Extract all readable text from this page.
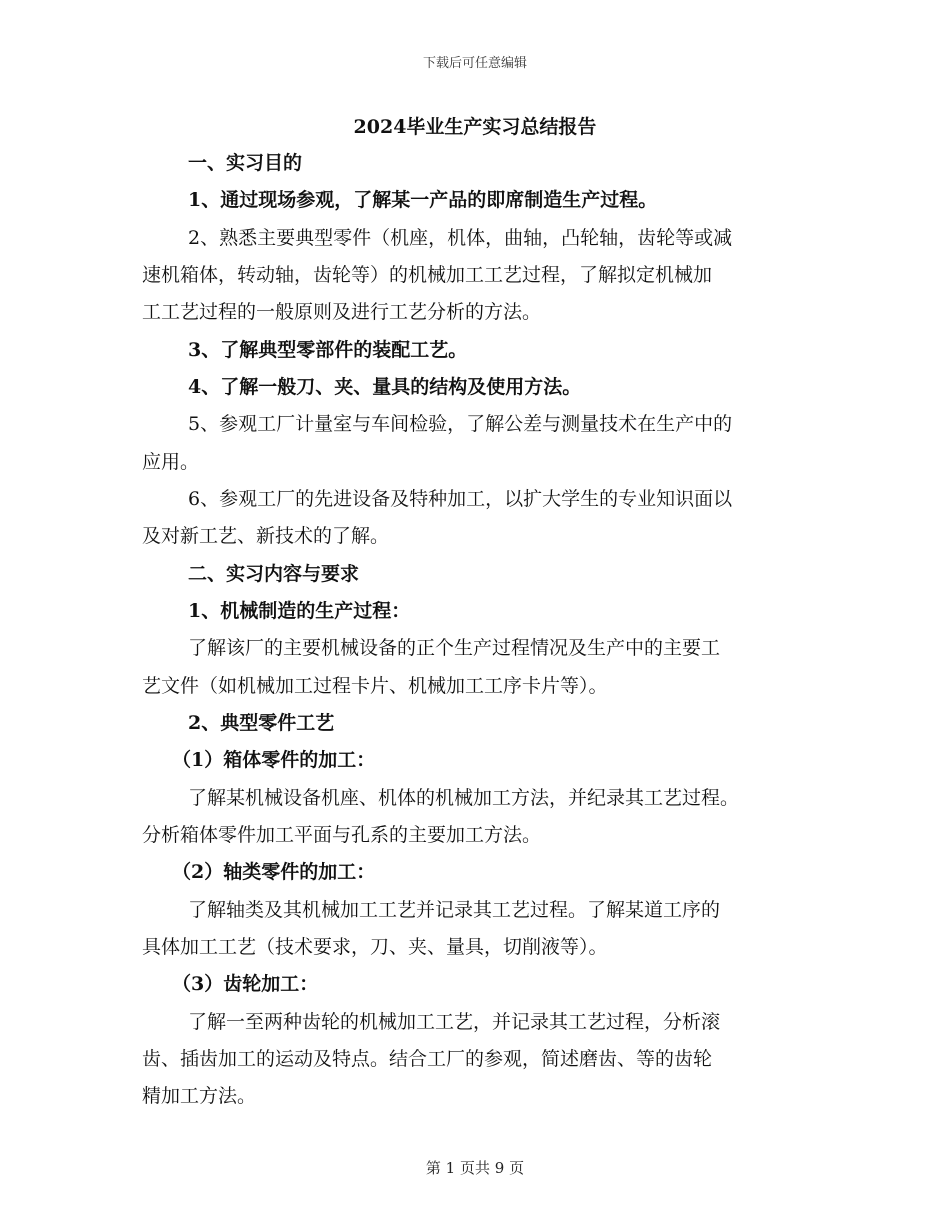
下载后可任意编辑
2024毕业生产实习总结报告
一、实习目的
1、通过现场参观，了解某一产品的即席制造生产过程。
2、熟悉主要典型零件（机座，机体，曲轴，凸轮轴，齿轮等或减
速机箱体，转动轴，齿轮等）的机械加工工艺过程，了解拟定机械加
工工艺过程的一般原则及进行工艺分析的方法。
3、了解典型零部件的装配工艺。
4、了解一般刀、夹、量具的结构及使用方法。
5、参观工厂计量室与车间检验，了解公差与测量技术在生产中的
应用。
6、参观工厂的先进设备及特种加工，以扩大学生的专业知识面以
及对新工艺、新技术的了解。
二、实习内容与要求
1、机械制造的生产过程：
了解该厂的主要机械设备的正个生产过程情况及生产中的主要工
艺文件（如机械加工过程卡片、机械加工工序卡片等）。
2、典型零件工艺
（1）箱体零件的加工：
了解某机械设备机座、机体的机械加工方法，并纪录其工艺过程。
分析箱体零件加工平面与孔系的主要加工方法。
（2）轴类零件的加工：
了解轴类及其机械加工工艺并记录其工艺过程。了解某道工序的
具体加工工艺（技术要求，刀、夹、量具，切削液等）。
（3）齿轮加工：
了解一至两种齿轮的机械加工工艺，并记录其工艺过程，分析滚
齿、插齿加工的运动及特点。结合工厂的参观，简述磨齿、等的齿轮
精加工方法。
第 1 页共 9 页
